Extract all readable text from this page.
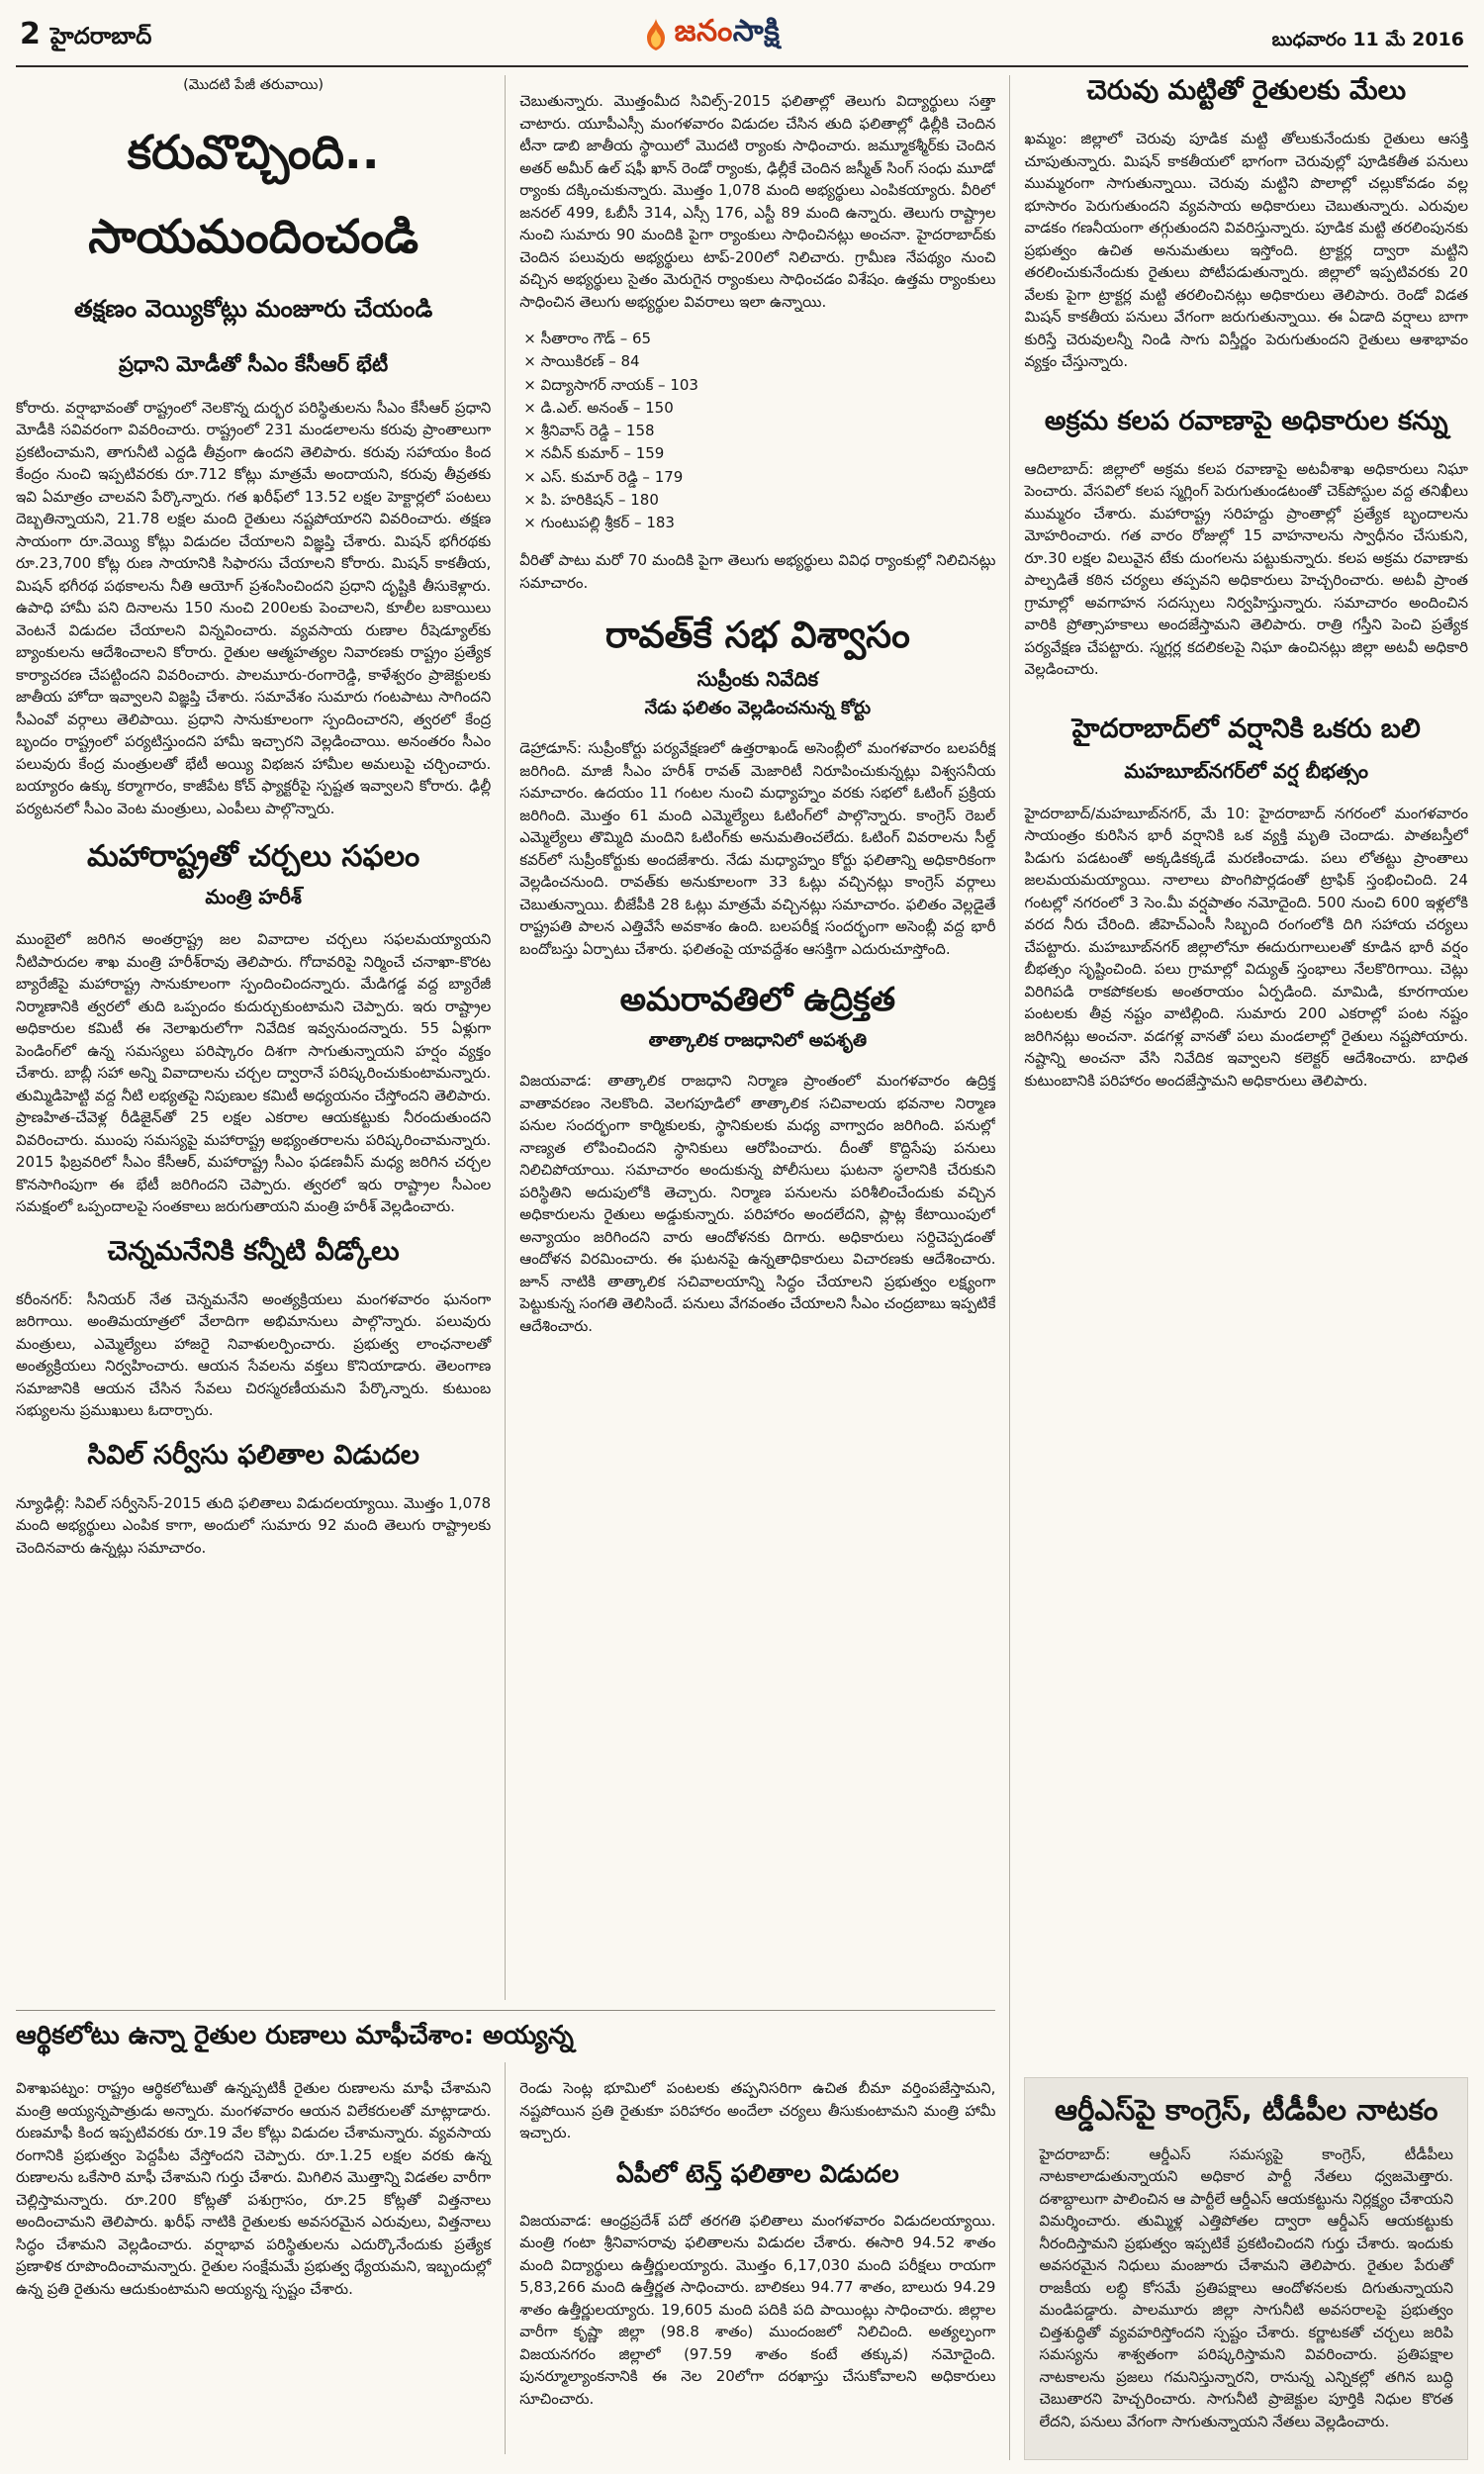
2 హైదరాబాద్	జనంసాక్షి	బుధవారం 11 మే 2016

(మొదటి పేజీ తరువాయి)

కరువొచ్చింది..
సాయమందించండి

తక్షణం వెయ్యికోట్లు మంజూరు చేయండి

ప్రధాని మోడీతో సీఎం కేసీఆర్ భేటీ

కోరారు. వర్షాభావంతో రాష్ట్రంలో నెలకొన్న దుర్భర పరిస్థితులను సీఎం కేసీఆర్ ప్రధాని మోడీకి సవివరంగా వివరించారు. రాష్ట్రంలో 231 మండలాలను కరువు ప్రాంతాలుగా ప్రకటించామని, తాగునీటి ఎద్దడి తీవ్రంగా ఉందని తెలిపారు. కరువు సహాయం కింద కేంద్రం నుంచి ఇప్పటివరకు రూ.712 కోట్లు మాత్రమే అందాయని, కరువు తీవ్రతకు ఇవి ఏమాత్రం చాలవని పేర్కొన్నారు. గత ఖరీఫ్‌లో 13.52 లక్షల హెక్టార్లలో పంటలు దెబ్బతిన్నాయని, 21.78 లక్షల మంది రైతులు నష్టపోయారని వివరించారు. తక్షణ సాయంగా రూ.వెయ్యి కోట్లు విడుదల చేయాలని విజ్ఞప్తి చేశారు. మిషన్ భగీరథకు రూ.23,700 కోట్ల రుణ సాయానికి సిఫారసు చేయాలని కోరారు. మిషన్ కాకతీయ, మిషన్ భగీరథ పథకాలను నీతి ఆయోగ్ ప్రశంసించిందని ప్రధాని దృష్టికి తీసుకెళ్లారు. ఉపాధి హామీ పని దినాలను 150 నుంచి 200లకు పెంచాలని, కూలీల బకాయిలు వెంటనే విడుదల చేయాలని విన్నవించారు. వ్యవసాయ రుణాల రీషెడ్యూల్‌కు బ్యాంకులను ఆదేశించాలని కోరారు. రైతుల ఆత్మహత్యల నివారణకు రాష్ట్రం ప్రత్యేక కార్యాచరణ చేపట్టిందని వివరించారు. పాలమూరు-రంగారెడ్డి, కాళేశ్వరం ప్రాజెక్టులకు జాతీయ హోదా ఇవ్వాలని విజ్ఞప్తి చేశారు. సమావేశం సుమారు గంటపాటు సాగిందని సీఎంవో వర్గాలు తెలిపాయి. ప్రధాని సానుకూలంగా స్పందించారని, త్వరలో కేంద్ర బృందం రాష్ట్రంలో పర్యటిస్తుందని హామీ ఇచ్చారని వెల్లడించాయి. అనంతరం సీఎం పలువురు కేంద్ర మంత్రులతో భేటీ అయ్యి విభజన హామీల అమలుపై చర్చించారు. బయ్యారం ఉక్కు కర్మాగారం, కాజీపేట కోచ్ ఫ్యాక్టరీపై స్పష్టత ఇవ్వాలని కోరారు. ఢిల్లీ పర్యటనలో సీఎం వెంట మంత్రులు, ఎంపీలు పాల్గొన్నారు.

మహారాష్ట్రతో చర్చలు సఫలం

మంత్రి హరీశ్

ముంబైలో జరిగిన అంతర్రాష్ట్ర జల వివాదాల చర్చలు సఫలమయ్యాయని నీటిపారుదల శాఖ మంత్రి హరీశ్‌రావు తెలిపారు. గోదావరిపై నిర్మించే చనాఖా-కొరట బ్యారేజీపై మహారాష్ట్ర సానుకూలంగా స్పందించిందన్నారు. మేడిగడ్డ వద్ద బ్యారేజీ నిర్మాణానికి త్వరలో తుది ఒప్పందం కుదుర్చుకుంటామని చెప్పారు. ఇరు రాష్ట్రాల అధికారుల కమిటీ ఈ నెలాఖరులోగా నివేదిక ఇవ్వనుందన్నారు. 55 ఏళ్లుగా పెండింగ్‌లో ఉన్న సమస్యలు పరిష్కారం దిశగా సాగుతున్నాయని హర్షం వ్యక్తం చేశారు. బాబ్లీ సహా అన్ని వివాదాలను చర్చల ద్వారానే పరిష్కరించుకుంటామన్నారు. తుమ్మిడిహెట్టి వద్ద నీటి లభ్యతపై నిపుణుల కమిటీ అధ్యయనం చేస్తోందని తెలిపారు. ప్రాణహిత-చేవెళ్ల రీడిజైన్‌తో 25 లక్షల ఎకరాల ఆయకట్టుకు నీరందుతుందని వివరించారు. ముంపు సమస్యపై మహారాష్ట్ర అభ్యంతరాలను పరిష్కరించామన్నారు. 2015 ఫిబ్రవరిలో సీఎం కేసీఆర్, మహారాష్ట్ర సీఎం ఫడణవీస్ మధ్య జరిగిన చర్చల కొనసాగింపుగా ఈ భేటీ జరిగిందని చెప్పారు. త్వరలో ఇరు రాష్ట్రాల సీఎంల సమక్షంలో ఒప్పందాలపై సంతకాలు జరుగుతాయని మంత్రి హరీశ్ వెల్లడించారు.

చెన్నమనేనికి కన్నీటి వీడ్కోలు

కరీంనగర్: సీనియర్ నేత చెన్నమనేని అంత్యక్రియలు మంగళవారం ఘనంగా జరిగాయి. అంతిమయాత్రలో వేలాదిగా అభిమానులు పాల్గొన్నారు. పలువురు మంత్రులు, ఎమ్మెల్యేలు హాజరై నివాళులర్పించారు. ప్రభుత్వ లాంఛనాలతో అంత్యక్రియలు నిర్వహించారు. ఆయన సేవలను వక్తలు కొనియాడారు. తెలంగాణ సమాజానికి ఆయన చేసిన సేవలు చిరస్మరణీయమని పేర్కొన్నారు. కుటుంబ సభ్యులను ప్రముఖులు ఓదార్చారు.

సివిల్ సర్వీసు ఫలితాల విడుదల

న్యూఢిల్లీ: సివిల్ సర్వీసెస్-2015 తుది ఫలితాలు విడుదలయ్యాయి. మొత్తం 1,078 మంది అభ్యర్థులు ఎంపిక కాగా, అందులో సుమారు 92 మంది తెలుగు రాష్ట్రాలకు చెందినవారు ఉన్నట్లు సమాచారం.

చెబుతున్నారు. మొత్తంమీద సివిల్స్-2015 ఫలితాల్లో తెలుగు విద్యార్థులు సత్తా చాటారు. యూపీఎస్సీ మంగళవారం విడుదల చేసిన తుది ఫలితాల్లో ఢిల్లీకి చెందిన టీనా డాబి జాతీయ స్థాయిలో మొదటి ర్యాంకు సాధించారు. జమ్మూకశ్మీర్‌కు చెందిన అతర్ అమీర్ ఉల్ షఫీ ఖాన్ రెండో ర్యాంకు, ఢిల్లీకే చెందిన జస్మీత్ సింగ్ సంధు మూడో ర్యాంకు దక్కించుకున్నారు. మొత్తం 1,078 మంది అభ్యర్థులు ఎంపికయ్యారు. వీరిలో జనరల్ 499, ఓబీసీ 314, ఎస్సీ 176, ఎస్టీ 89 మంది ఉన్నారు. తెలుగు రాష్ట్రాల నుంచి సుమారు 90 మందికి పైగా ర్యాంకులు సాధించినట్లు అంచనా. హైదరాబాద్‌కు చెందిన పలువురు అభ్యర్థులు టాప్-200లో నిలిచారు. గ్రామీణ నేపథ్యం నుంచి వచ్చిన అభ్యర్థులు సైతం మెరుగైన ర్యాంకులు సాధించడం విశేషం. ఉత్తమ ర్యాంకులు సాధించిన తెలుగు అభ్యర్థుల వివరాలు ఇలా ఉన్నాయి.

× సీతారాం గౌడ్ – 65
× సాయికిరణ్ – 84
× విద్యాసాగర్ నాయక్ – 103
× డి.ఎల్. అనంత్ – 150
× శ్రీనివాస్ రెడ్డి – 158
× నవీన్ కుమార్ – 159
× ఎస్. కుమార్ రెడ్డి – 179
× పి. హరికిషన్ – 180
× గుంటుపల్లి శ్రీకర్ – 183

వీరితో పాటు మరో 70 మందికి పైగా తెలుగు అభ్యర్థులు వివిధ ర్యాంకుల్లో నిలిచినట్లు సమాచారం.

రావత్‌కే సభ విశ్వాసం

సుప్రీంకు నివేదిక

నేడు ఫలితం వెల్లడించనున్న కోర్టు

డెహ్రాడూన్: సుప్రీంకోర్టు పర్యవేక్షణలో ఉత్తరాఖండ్ అసెంబ్లీలో మంగళవారం బలపరీక్ష జరిగింది. మాజీ సీఎం హరీశ్ రావత్ మెజారిటీ నిరూపించుకున్నట్లు విశ్వసనీయ సమాచారం. ఉదయం 11 గంటల నుంచి మధ్యాహ్నం వరకు సభలో ఓటింగ్ ప్రక్రియ జరిగింది. మొత్తం 61 మంది ఎమ్మెల్యేలు ఓటింగ్‌లో పాల్గొన్నారు. కాంగ్రెస్ రెబల్ ఎమ్మెల్యేలు తొమ్మిది మందిని ఓటింగ్‌కు అనుమతించలేదు. ఓటింగ్ వివరాలను సీల్డ్ కవర్‌లో సుప్రీంకోర్టుకు అందజేశారు. నేడు మధ్యాహ్నం కోర్టు ఫలితాన్ని అధికారికంగా వెల్లడించనుంది. రావత్‌కు అనుకూలంగా 33 ఓట్లు వచ్చినట్లు కాంగ్రెస్ వర్గాలు చెబుతున్నాయి. బీజేపీకి 28 ఓట్లు మాత్రమే వచ్చినట్లు సమాచారం. ఫలితం వెల్లడైతే రాష్ట్రపతి పాలన ఎత్తివేసే అవకాశం ఉంది. బలపరీక్ష సందర్భంగా అసెంబ్లీ వద్ద భారీ బందోబస్తు ఏర్పాటు చేశారు. ఫలితంపై యావద్దేశం ఆసక్తిగా ఎదురుచూస్తోంది.

అమరావతిలో ఉద్రిక్తత

తాత్కాలిక రాజధానిలో అపశృతి

విజయవాడ: తాత్కాలిక రాజధాని నిర్మాణ ప్రాంతంలో మంగళవారం ఉద్రిక్త వాతావరణం నెలకొంది. వెలగపూడిలో తాత్కాలిక సచివాలయ భవనాల నిర్మాణ పనుల సందర్భంగా కార్మికులకు, స్థానికులకు మధ్య వాగ్వాదం జరిగింది. పనుల్లో నాణ్యత లోపించిందని స్థానికులు ఆరోపించారు. దీంతో కొద్దిసేపు పనులు నిలిచిపోయాయి. సమాచారం అందుకున్న పోలీసులు ఘటనా స్థలానికి చేరుకుని పరిస్థితిని అదుపులోకి తెచ్చారు. నిర్మాణ పనులను పరిశీలించేందుకు వచ్చిన అధికారులను రైతులు అడ్డుకున్నారు. పరిహారం అందలేదని, ప్లాట్ల కేటాయింపులో అన్యాయం జరిగిందని వారు ఆందోళనకు దిగారు. అధికారులు సర్దిచెప్పడంతో ఆందోళన విరమించారు. ఈ ఘటనపై ఉన్నతాధికారులు విచారణకు ఆదేశించారు. జూన్ నాటికి తాత్కాలిక సచివాలయాన్ని సిద్ధం చేయాలని ప్రభుత్వం లక్ష్యంగా పెట్టుకున్న సంగతి తెలిసిందే. పనులు వేగవంతం చేయాలని సీఎం చంద్రబాబు ఇప్పటికే ఆదేశించారు.

ఆర్థికలోటు ఉన్నా రైతుల రుణాలు మాఫీచేశాం: అయ్యన్న

విశాఖపట్నం: రాష్ట్రం ఆర్థికలోటుతో ఉన్నప్పటికీ రైతుల రుణాలను మాఫీ చేశామని మంత్రి అయ్యన్నపాత్రుడు అన్నారు. మంగళవారం ఆయన విలేకరులతో మాట్లాడారు. రుణమాఫీ కింద ఇప్పటివరకు రూ.19 వేల కోట్లు విడుదల చేశామన్నారు. వ్యవసాయ రంగానికి ప్రభుత్వం పెద్దపీట వేస్తోందని చెప్పారు. రూ.1.25 లక్షల వరకు ఉన్న రుణాలను ఒకేసారి మాఫీ చేశామని గుర్తు చేశారు. మిగిలిన మొత్తాన్ని విడతల వారీగా చెల్లిస్తామన్నారు. రూ.200 కోట్లతో పశుగ్రాసం, రూ.25 కోట్లతో విత్తనాలు అందించామని తెలిపారు. ఖరీఫ్ నాటికి రైతులకు అవసరమైన ఎరువులు, విత్తనాలు సిద్ధం చేశామని వెల్లడించారు. వర్షాభావ పరిస్థితులను ఎదుర్కొనేందుకు ప్రత్యేక ప్రణాళిక రూపొందించామన్నారు. రైతుల సంక్షేమమే ప్రభుత్వ ధ్యేయమని, ఇబ్బందుల్లో ఉన్న ప్రతి రైతును ఆదుకుంటామని అయ్యన్న స్పష్టం చేశారు.

రెండు సెంట్ల భూమిలో పంటలకు తప్పనిసరిగా ఉచిత బీమా వర్తింపజేస్తామని, నష్టపోయిన ప్రతి రైతుకూ పరిహారం అందేలా చర్యలు తీసుకుంటామని మంత్రి హామీ ఇచ్చారు.

ఏపీలో టెన్త్ ఫలితాల విడుదల

విజయవాడ: ఆంధ్రప్రదేశ్ పదో తరగతి ఫలితాలు మంగళవారం విడుదలయ్యాయి. మంత్రి గంటా శ్రీనివాసరావు ఫలితాలను విడుదల చేశారు. ఈసారి 94.52 శాతం మంది విద్యార్థులు ఉత్తీర్ణులయ్యారు. మొత్తం 6,17,030 మంది పరీక్షలు రాయగా 5,83,266 మంది ఉత్తీర్ణత సాధించారు. బాలికలు 94.77 శాతం, బాలురు 94.29 శాతం ఉత్తీర్ణులయ్యారు. 19,605 మంది పదికి పది పాయింట్లు సాధించారు. జిల్లాల వారీగా కృష్ణా జిల్లా (98.8 శాతం) ముందంజలో నిలిచింది. అత్యల్పంగా విజయనగరం జిల్లాలో (97.59 శాతం కంటే తక్కువ) నమోదైంది. పునర్మూల్యాంకనానికి ఈ నెల 20లోగా దరఖాస్తు చేసుకోవాలని అధికారులు సూచించారు.

చెరువు మట్టితో రైతులకు మేలు

ఖమ్మం: జిల్లాలో చెరువు పూడిక మట్టి తోలుకునేందుకు రైతులు ఆసక్తి చూపుతున్నారు. మిషన్ కాకతీయలో భాగంగా చెరువుల్లో పూడికతీత పనులు ముమ్మరంగా సాగుతున్నాయి. చెరువు మట్టిని పొలాల్లో చల్లుకోవడం వల్ల భూసారం పెరుగుతుందని వ్యవసాయ అధికారులు చెబుతున్నారు. ఎరువుల వాడకం గణనీయంగా తగ్గుతుందని వివరిస్తున్నారు. పూడిక మట్టి తరలింపునకు ప్రభుత్వం ఉచిత అనుమతులు ఇస్తోంది. ట్రాక్టర్ల ద్వారా మట్టిని తరలించుకునేందుకు రైతులు పోటీపడుతున్నారు. జిల్లాలో ఇప్పటివరకు 20 వేలకు పైగా ట్రాక్టర్ల మట్టి తరలించినట్లు అధికారులు తెలిపారు. రెండో విడత మిషన్ కాకతీయ పనులు వేగంగా జరుగుతున్నాయి. ఈ ఏడాది వర్షాలు బాగా కురిస్తే చెరువులన్నీ నిండి సాగు విస్తీర్ణం పెరుగుతుందని రైతులు ఆశాభావం వ్యక్తం చేస్తున్నారు.

అక్రమ కలప రవాణాపై అధికారుల కన్ను

ఆదిలాబాద్: జిల్లాలో అక్రమ కలప రవాణాపై అటవీశాఖ అధికారులు నిఘా పెంచారు. వేసవిలో కలప స్మగ్లింగ్ పెరుగుతుండటంతో చెక్‌పోస్టుల వద్ద తనిఖీలు ముమ్మరం చేశారు. మహారాష్ట్ర సరిహద్దు ప్రాంతాల్లో ప్రత్యేక బృందాలను మోహరించారు. గత వారం రోజుల్లో 15 వాహనాలను స్వాధీనం చేసుకుని, రూ.30 లక్షల విలువైన టేకు దుంగలను పట్టుకున్నారు. కలప అక్రమ రవాణాకు పాల్పడితే కఠిన చర్యలు తప్పవని అధికారులు హెచ్చరించారు. అటవీ ప్రాంత గ్రామాల్లో అవగాహన సదస్సులు నిర్వహిస్తున్నారు. సమాచారం అందించిన వారికి ప్రోత్సాహకాలు అందజేస్తామని తెలిపారు. రాత్రి గస్తీని పెంచి ప్రత్యేక పర్యవేక్షణ చేపట్టారు. స్మగ్లర్ల కదలికలపై నిఘా ఉంచినట్లు జిల్లా అటవీ అధికారి వెల్లడించారు.

హైదరాబాద్‌లో వర్షానికి ఒకరు బలి

మహబూబ్‌నగర్‌లో వర్ష బీభత్సం

హైదరాబాద్/మహబూబ్‌నగర్, మే 10: హైదరాబాద్ నగరంలో మంగళవారం సాయంత్రం కురిసిన భారీ వర్షానికి ఒక వ్యక్తి మృతి చెందాడు. పాతబస్తీలో పిడుగు పడటంతో అక్కడికక్కడే మరణించాడు. పలు లోతట్టు ప్రాంతాలు జలమయమయ్యాయి. నాలాలు పొంగిపొర్లడంతో ట్రాఫిక్ స్తంభించింది. 24 గంటల్లో నగరంలో 3 సెం.మీ వర్షపాతం నమోదైంది. 500 నుంచి 600 ఇళ్లలోకి వరద నీరు చేరింది. జీహెచ్ఎంసీ సిబ్బంది రంగంలోకి దిగి సహాయ చర్యలు చేపట్టారు. మహబూబ్‌నగర్ జిల్లాలోనూ ఈదురుగాలులతో కూడిన భారీ వర్షం బీభత్సం సృష్టించింది. పలు గ్రామాల్లో విద్యుత్ స్తంభాలు నేలకొరిగాయి. చెట్లు విరిగిపడి రాకపోకలకు అంతరాయం ఏర్పడింది. మామిడి, కూరగాయల పంటలకు తీవ్ర నష్టం వాటిల్లింది. సుమారు 200 ఎకరాల్లో పంట నష్టం జరిగినట్లు అంచనా. వడగళ్ల వానతో పలు మండలాల్లో రైతులు నష్టపోయారు. నష్టాన్ని అంచనా వేసి నివేదిక ఇవ్వాలని కలెక్టర్ ఆదేశించారు. బాధిత కుటుంబానికి పరిహారం అందజేస్తామని అధికారులు తెలిపారు.

ఆర్డీఎస్‌పై కాంగ్రెస్, టీడీపీల నాటకం

హైదరాబాద్: ఆర్డీఎస్ సమస్యపై కాంగ్రెస్, టీడీపీలు నాటకాలాడుతున్నాయని అధికార పార్టీ నేతలు ధ్వజమెత్తారు. దశాబ్దాలుగా పాలించిన ఆ పార్టీలే ఆర్డీఎస్ ఆయకట్టును నిర్లక్ష్యం చేశాయని విమర్శించారు. తుమ్మిళ్ల ఎత్తిపోతల ద్వారా ఆర్డీఎస్ ఆయకట్టుకు నీరందిస్తామని ప్రభుత్వం ఇప్పటికే ప్రకటించిందని గుర్తు చేశారు. ఇందుకు అవసరమైన నిధులు మంజూరు చేశామని తెలిపారు. రైతుల పేరుతో రాజకీయ లబ్ధి కోసమే ప్రతిపక్షాలు ఆందోళనలకు దిగుతున్నాయని మండిపడ్డారు. పాలమూరు జిల్లా సాగునీటి అవసరాలపై ప్రభుత్వం చిత్తశుద్ధితో వ్యవహరిస్తోందని స్పష్టం చేశారు. కర్ణాటకతో చర్చలు జరిపి సమస్యను శాశ్వతంగా పరిష్కరిస్తామని వివరించారు. ప్రతిపక్షాల నాటకాలను ప్రజలు గమనిస్తున్నారని, రానున్న ఎన్నికల్లో తగిన బుద్ధి చెబుతారని హెచ్చరించారు. సాగునీటి ప్రాజెక్టుల పూర్తికి నిధుల కొరత లేదని, పనులు వేగంగా సాగుతున్నాయని నేతలు వెల్లడించారు.
